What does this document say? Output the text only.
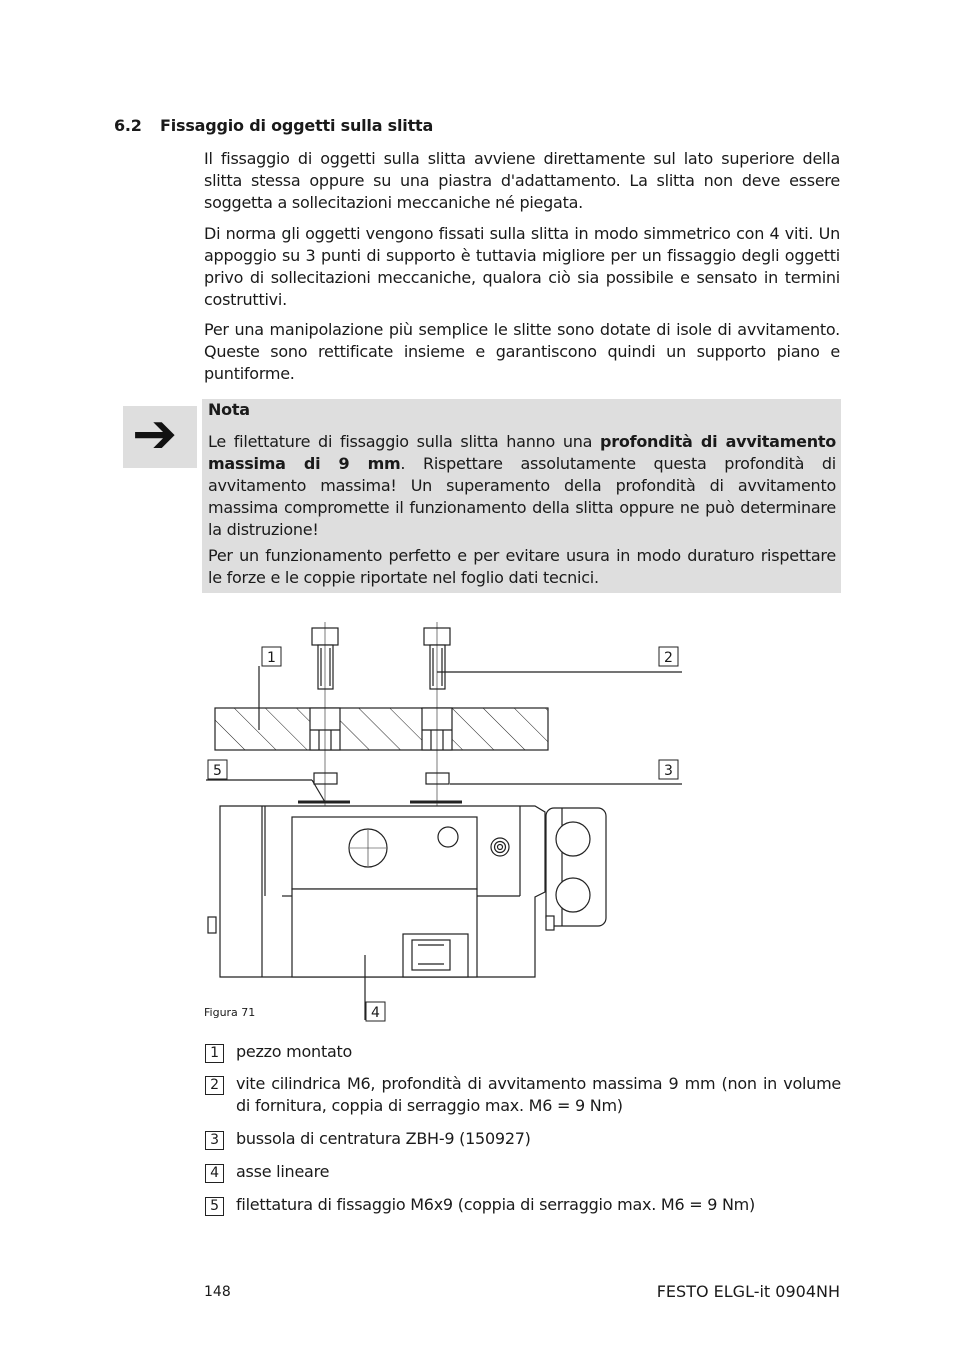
6.2 Fissaggio di oggetti sulla slitta
Il fissaggio di oggetti sulla slitta avviene direttamente sul lato superiore della slitta stessa oppure su una piastra d'adattamento. La slitta non deve essere soggetta a sollecitazioni meccaniche né piegata.
Di norma gli oggetti vengono fissati sulla slitta in modo simmetrico con 4 viti. Un appoggio su 3 punti di supporto è tuttavia migliore per un fissaggio degli oggetti privo di sollecitazioni meccaniche, qualora ciò sia possibile e sensato in termini costruttivi.
Per una manipolazione più semplice le slitte sono dotate di isole di avvitamento. Queste sono rettificate insieme e garantiscono quindi un supporto piano e puntiforme.
➔ Nota
Le filettature di fissaggio sulla slitta hanno una profondità di avvitamento massima di 9 mm. Rispettare assolutamente questa profondità di avvitamento massima! Un superamento della profondità di avvitamento massima compromette il funzionamento della slitta oppure ne può determinare la distruzione!
Per un funzionamento perfetto e per evitare usura in modo duraturo rispettare le forze e le coppie riportate nel foglio dati tecnici.
1	2
3
4
5
Figura 71
1	pezzo montato
2	vite cilindrica M6, profondità di avvitamento massima 9 mm (non in volume di fornitura, coppia di serraggio max. M6 = 9 Nm)
3	bussola di centratura ZBH-9 (150927)
4	asse lineare
5	filettatura di fissaggio M6x9 (coppia di serraggio max. M6 = 9 Nm)
148	FESTO ELGL-it 0904NH
